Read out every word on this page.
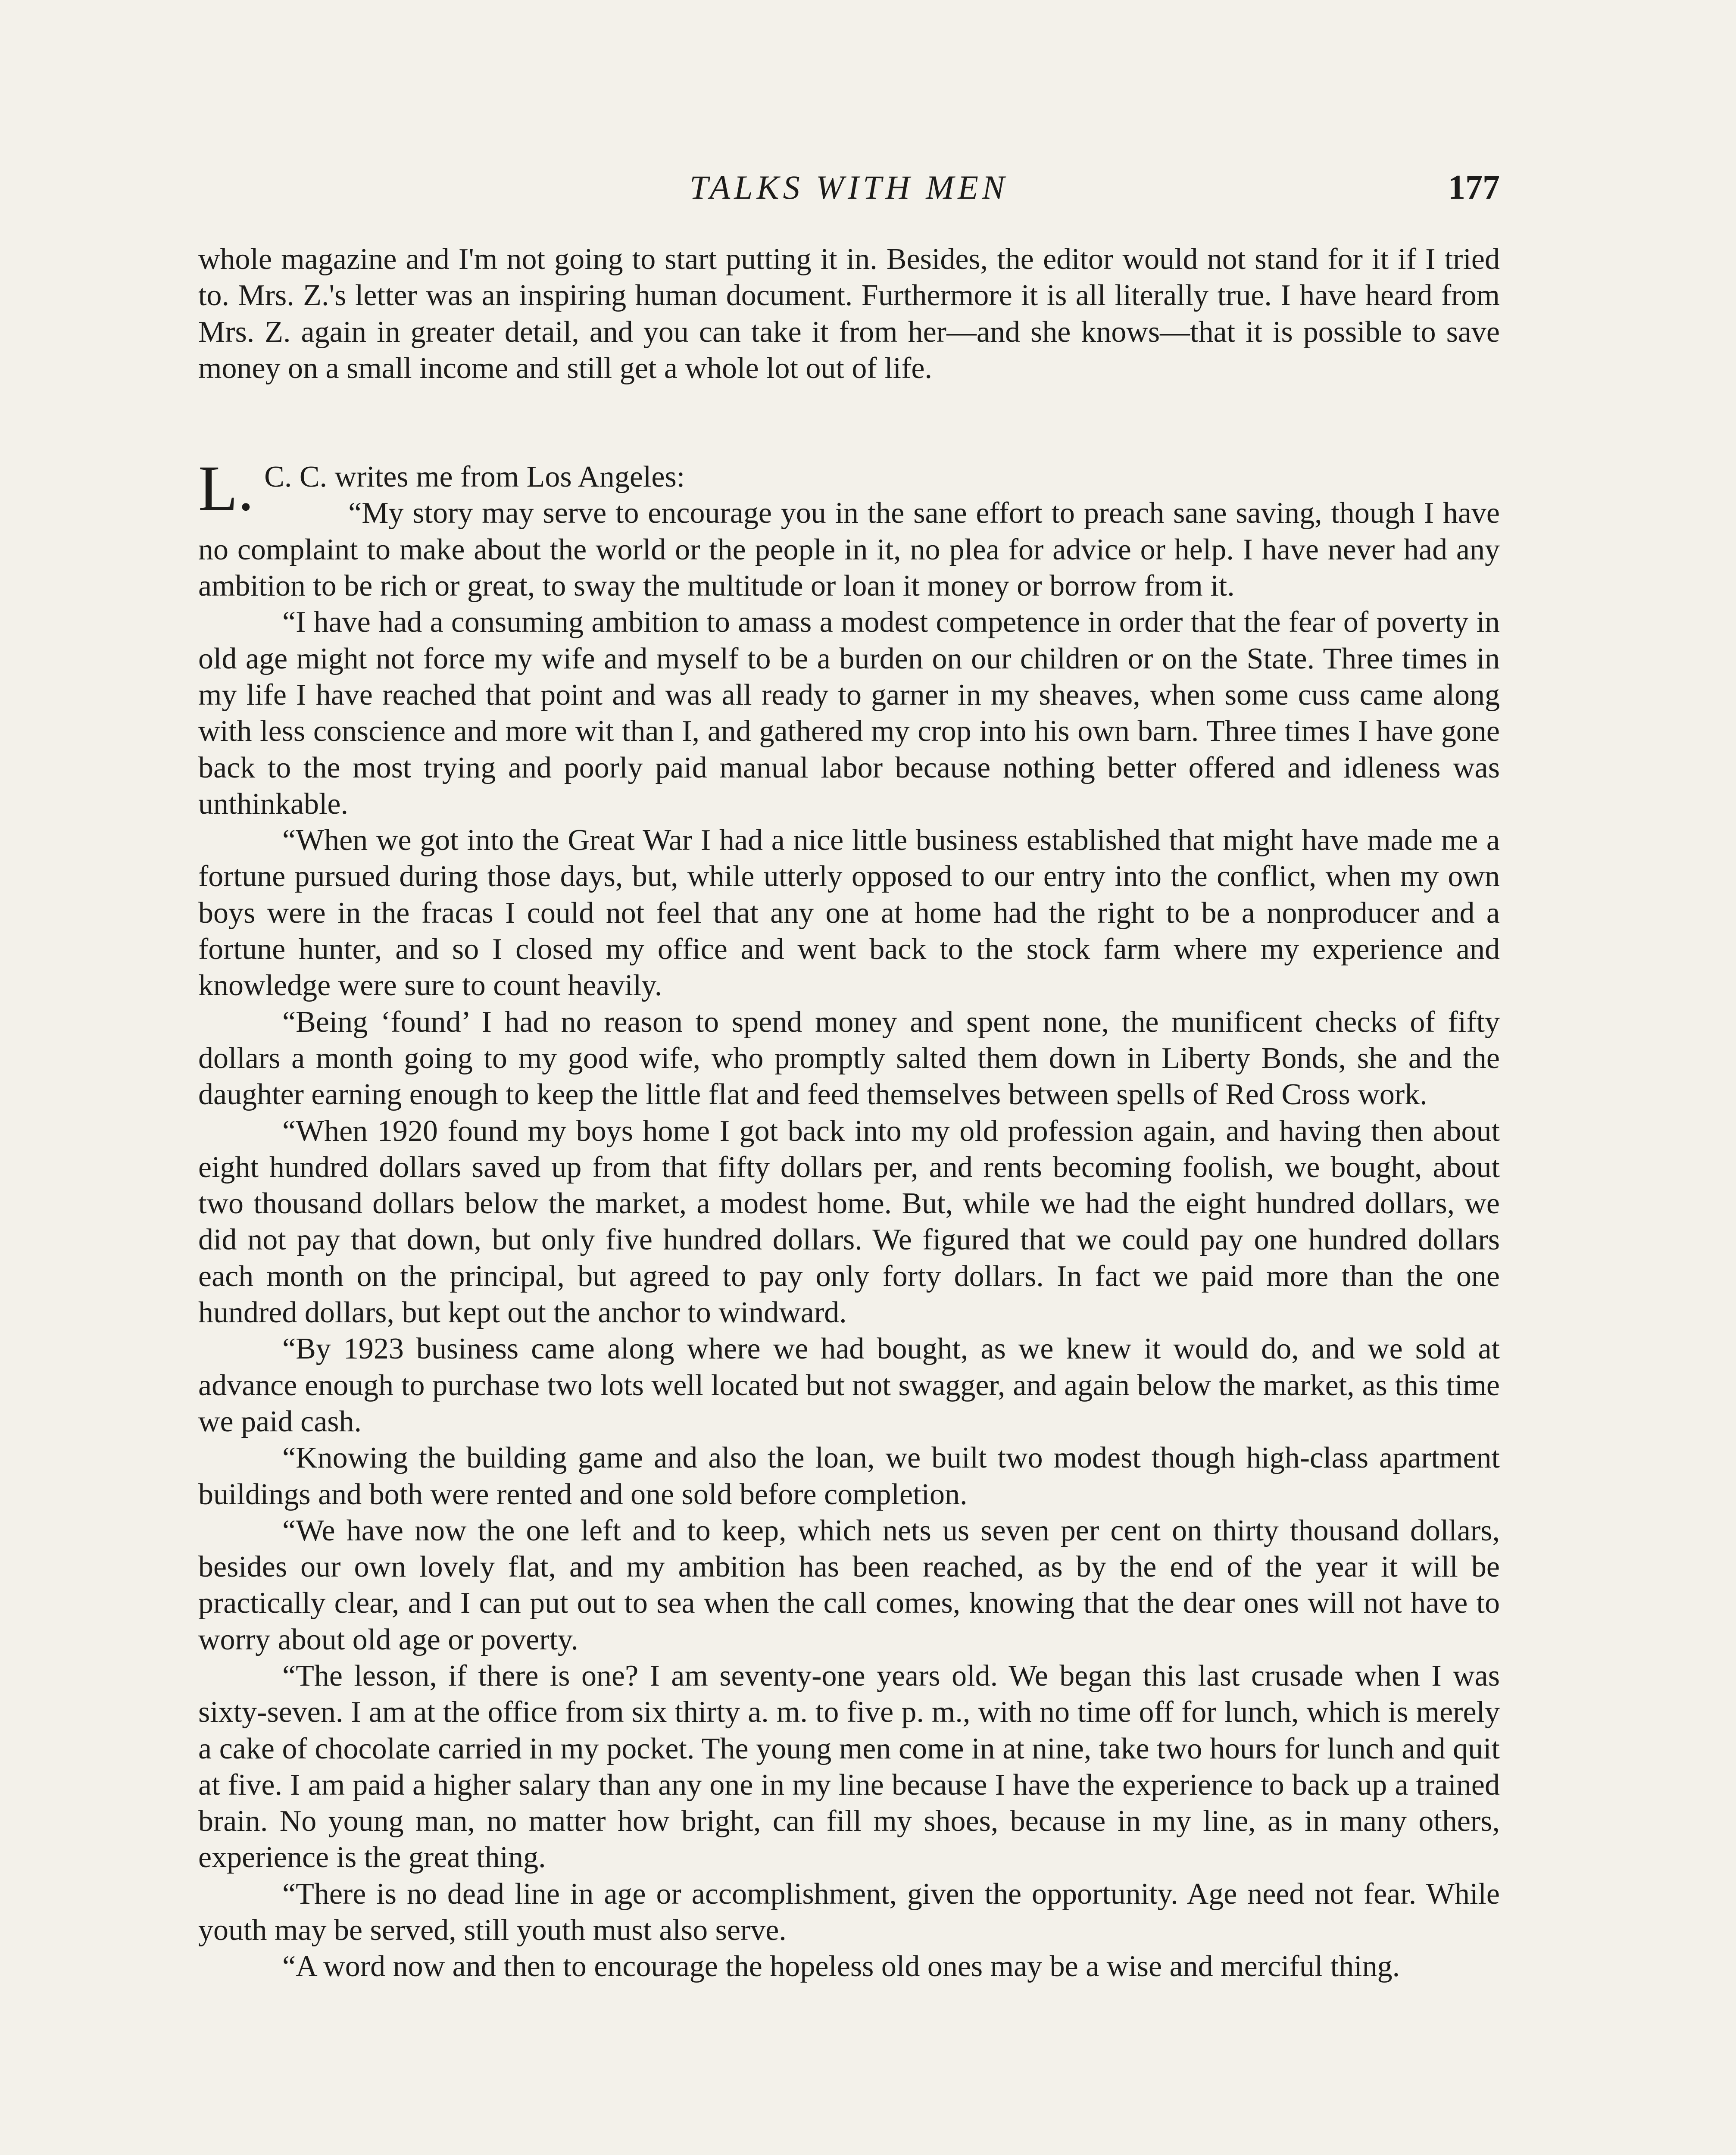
TALKS WITH MEN	177

whole magazine and I'm not going to start putting it in. Besides, the editor would not stand for it if I tried to. Mrs. Z.'s letter was an inspiring human document. Furthermore it is all literally true. I have heard from Mrs. Z. again in greater detail, and you can take it from her—and she knows—that it is possible to save money on a small income and still get a whole lot out of life.

L. C. C. writes me from Los Angeles:

“My story may serve to encourage you in the sane effort to preach sane saving, though I have no complaint to make about the world or the people in it, no plea for advice or help. I have never had any ambition to be rich or great, to sway the multitude or loan it money or borrow from it.

“I have had a consuming ambition to amass a modest competence in order that the fear of poverty in old age might not force my wife and myself to be a burden on our children or on the State. Three times in my life I have reached that point and was all ready to garner in my sheaves, when some cuss came along with less conscience and more wit than I, and gathered my crop into his own barn. Three times I have gone back to the most trying and poorly paid manual labor because nothing better offered and idleness was unthinkable.

“When we got into the Great War I had a nice little business established that might have made me a fortune pursued during those days, but, while utterly opposed to our entry into the conflict, when my own boys were in the fracas I could not feel that any one at home had the right to be a nonproducer and a fortune hunter, and so I closed my office and went back to the stock farm where my experience and knowledge were sure to count heavily.

“Being ‘found’ I had no reason to spend money and spent none, the munificent checks of fifty dollars a month going to my good wife, who promptly salted them down in Liberty Bonds, she and the daughter earning enough to keep the little flat and feed themselves between spells of Red Cross work.

“When 1920 found my boys home I got back into my old profession again, and having then about eight hundred dollars saved up from that fifty dollars per, and rents becoming foolish, we bought, about two thousand dollars below the market, a modest home. But, while we had the eight hundred dollars, we did not pay that down, but only five hundred dollars. We figured that we could pay one hundred dollars each month on the principal, but agreed to pay only forty dollars. In fact we paid more than the one hundred dollars, but kept out the anchor to windward.

“By 1923 business came along where we had bought, as we knew it would do, and we sold at advance enough to purchase two lots well located but not swagger, and again below the market, as this time we paid cash.

“Knowing the building game and also the loan, we built two modest though high-class apartment buildings and both were rented and one sold before completion.

“We have now the one left and to keep, which nets us seven per cent on thirty thousand dollars, besides our own lovely flat, and my ambition has been reached, as by the end of the year it will be practically clear, and I can put out to sea when the call comes, knowing that the dear ones will not have to worry about old age or poverty.

“The lesson, if there is one? I am seventy-one years old. We began this last crusade when I was sixty-seven. I am at the office from six thirty a. m. to five p. m., with no time off for lunch, which is merely a cake of chocolate carried in my pocket. The young men come in at nine, take two hours for lunch and quit at five. I am paid a higher salary than any one in my line because I have the experience to back up a trained brain. No young man, no matter how bright, can fill my shoes, because in my line, as in many others, experience is the great thing.

“There is no dead line in age or accomplishment, given the opportunity. Age need not fear. While youth may be served, still youth must also serve.

“A word now and then to encourage the hopeless old ones may be a wise and merciful thing.
